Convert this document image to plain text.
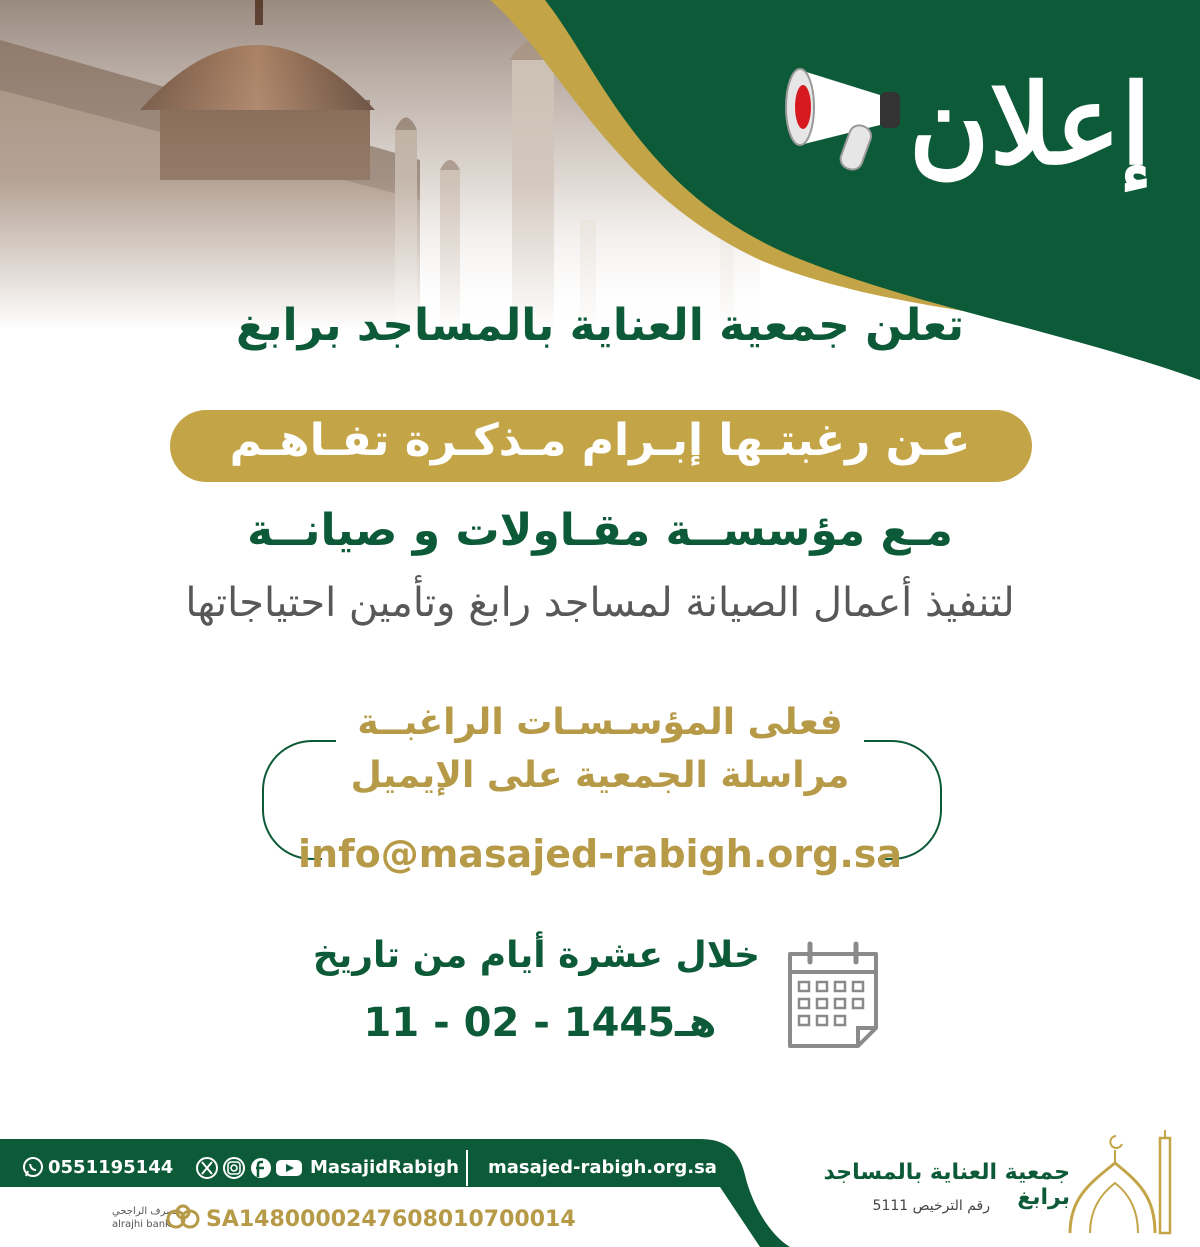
إعلان
تعلن جمعية العناية بالمساجد برابغ
عـن رغبتـها إبـرام مـذكـرة تفـاهـم
مـع مؤسســة مقـاولات و صيانــة
لتنفيذ أعمال الصيانة لمساجد رابغ وتأمين احتياجاتها
فعلى المؤسـسـات الراغبــة
مراسلة الجمعية على الإيميل
info@masajed-rabigh.org.sa
خلال عشرة أيام من تاريخ
11 - 02 - 1445هـ
0551195144	MasajidRabigh masajed-rabigh.org.sa
مصرف الراجحي
alrajhi bank SA1480000247608010700014
جمعية العناية بالمساجد برابغ
رقم الترخيص 5111
